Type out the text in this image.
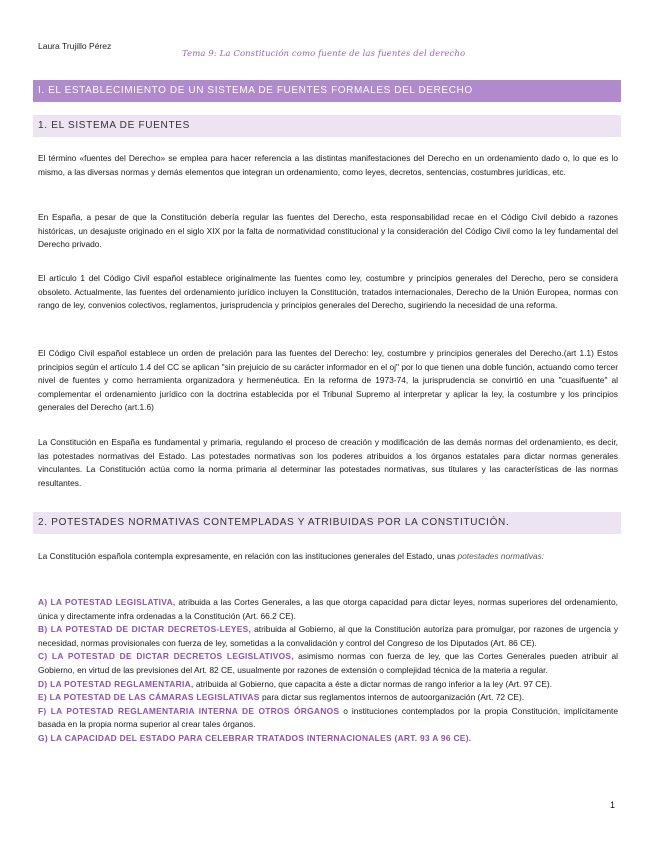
Laura Trujillo Pérez
Tema 9: La Constitución como fuente de las fuentes del derecho
I. EL ESTABLECIMIENTO DE UN SISTEMA DE FUENTES FORMALES DEL DERECHO
1. EL SISTEMA DE FUENTES
El término «fuentes del Derecho» se emplea para hacer referencia a las distintas manifestaciones del Derecho en un ordenamiento dado o, lo que es lo mismo, a las diversas normas y demás elementos que integran un ordenamiento, como leyes, decretos, sentencias, costumbres jurídicas, etc.
En España, a pesar de que la Constitución debería regular las fuentes del Derecho, esta responsabilidad recae en el Código Civil debido a razones históricas, un desajuste originado en el siglo XIX por la falta de normatividad constitucional y la consideración del Código Civil como la ley fundamental del Derecho privado.
El artículo 1 del Código Civil español establece originalmente las fuentes como ley, costumbre y principios generales del Derecho, pero se considera obsoleto. Actualmente, las fuentes del ordenamiento jurídico incluyen la Constitución, tratados internacionales, Derecho de la Unión Europea, normas con rango de ley, convenios colectivos, reglamentos, jurisprudencia y principios generales del Derecho, sugiriendo la necesidad de una reforma.
El Código Civil español establece un orden de prelación para las fuentes del Derecho: ley, costumbre y principios generales del Derecho.(art 1.1) Estos principios según el artículo 1.4 del CC se aplican "sin prejuicio de su carácter informador en el oj" por lo que tienen una doble función, actuando como tercer nivel de fuentes y como herramienta organizadora y hermenéutica. En la reforma de 1973-74, la jurisprudencia se convirtió en una "cuasifuente" al complementar el ordenamiento jurídico con la doctrina establecida por el Tribunal Supremo al interpretar y aplicar la ley, la costumbre y los principios generales del Derecho (art.1.6)
La Constitución en España es fundamental y primaria, regulando el proceso de creación y modificación de las demás normas del ordenamiento, es decir, las potestades normativas del Estado. Las potestades normativas son los poderes atribuidos a los órganos estatales para dictar normas generales vinculantes. La Constitución actúa como la norma primaria al determinar las potestades normativas, sus titulares y las características de las normas resultantes.
2. POTESTADES NORMATIVAS CONTEMPLADAS Y ATRIBUIDAS POR LA CONSTITUCIÓN.
La Constitución española contempla expresamente, en relación con las instituciones generales del Estado, unas potestades normativas:
A) LA POTESTAD LEGISLATIVA, atribuida a las Cortes Generales, a las que otorga capacidad para dictar leyes, normas superiores del ordenamiento, única y directamente infra ordenadas a la Constitución (Art. 66.2 CE).
B) LA POTESTAD DE DICTAR DECRETOS-LEYES, atribuida al Gobierno, al que la Constitución autoriza para promulgar, por razones de urgencia y necesidad, normas provisionales con fuerza de ley, sometidas a la convalidación y control del Congreso de los Diputados (Art. 86 CE).
C) LA POTESTAD DE DICTAR DECRETOS LEGISLATIVOS, asimismo normas con fuerza de ley, que las Cortes Generales pueden atribuir al Gobierno, en virtud de las previsiones del Art. 82 CE, usualmente por razones de extensión o complejidad técnica de la materia a regular.
D) LA POTESTAD REGLAMENTARIA, atribuida al Gobierno, que capacita a éste a dictar normas de rango inferior a la ley (Art. 97 CE).
E) LA POTESTAD DE LAS CÁMARAS LEGISLATIVAS para dictar sus reglamentos internos de autoorganización (Art. 72 CE).
F) LA POTESTAD REGLAMENTARIA INTERNA DE OTROS ÓRGANOS o instituciones contemplados por la propia Constitución, implícitamente basada en la propia norma superior al crear tales órganos.
G) LA CAPACIDAD DEL ESTADO PARA CELEBRAR TRATADOS INTERNACIONALES (ART. 93 A 96 CE).
1
